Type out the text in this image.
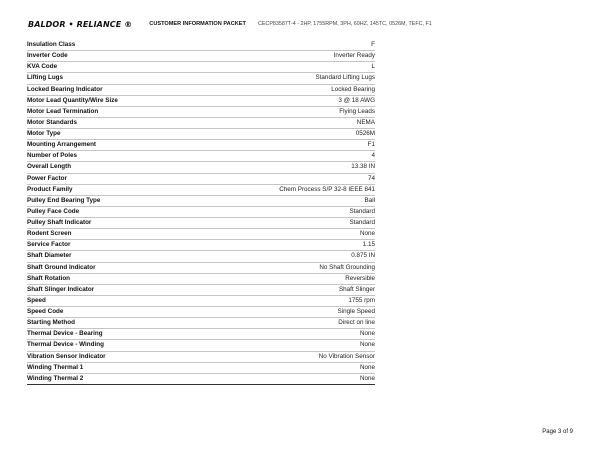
BALDOR • RELIANCE ®	CUSTOMER INFORMATION PACKET CECP83587T-4 - 2HP, 1755RPM, 3PH, 60HZ, 145TC, 0526M, TEFC, F1
Insulation Class	F
Inverter Code	Inverter Ready
KVA Code	L
Lifting Lugs	Standard Lifting Lugs
Locked Bearing Indicator	Locked Bearing
Motor Lead Quantity/Wire Size	3 @ 18 AWG
Motor Lead Termination	Flying Leads
Motor Standards	NEMA
Motor Type	0526M
Mounting Arrangement	F1
Number of Poles	4
Overall Length	13.38 IN
Power Factor	74
Product Family	Chem Process S/P 32-8 IEEE 841
Pulley End Bearing Type	Ball
Pulley Face Code	Standard
Pulley Shaft Indicator	Standard
Rodent Screen	None
Service Factor	1.15
Shaft Diameter	0.875 IN
Shaft Ground Indicator	No Shaft Grounding
Shaft Rotation	Reversible
Shaft Slinger Indicator	Shaft Slinger
Speed	1755 rpm
Speed Code	Single Speed
Starting Method	Direct on line
Thermal Device - Bearing	None
Thermal Device - Winding	None
Vibration Sensor Indicator	No Vibration Sensor
Winding Thermal 1	None
Winding Thermal 2	None
Page 3 of 9
